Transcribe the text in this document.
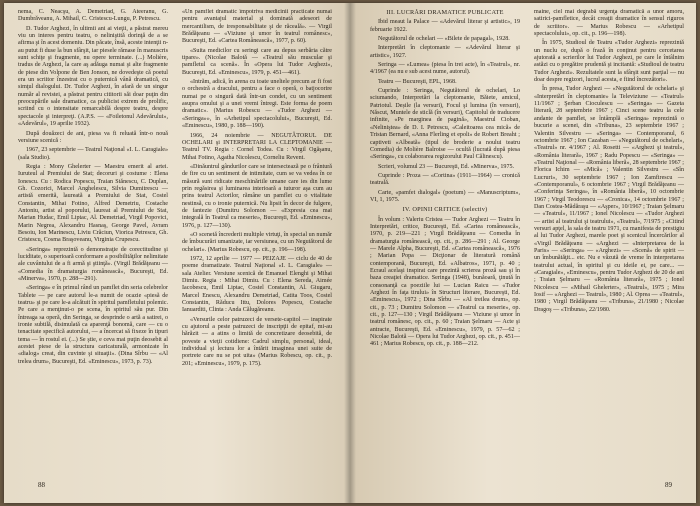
nema, C. Neacşu, A. Demetriad, G. Ateeranu, G. Dumbrăveanu, A. Mihail, C. Cristescu-Lungu, P. Petrescu.

D. Tudor Arghezi, în ultimii ani ai vieţii, a păstrat mereu viu un interes pentru teatru, o neliniştită dorinţă de a se afirma şi în acest domeniu. Din păcate, însă, aceste intenţii n-au putut fi duse la bun sfârşit, iar piesele rămase în manuscris sunt schiţe şi fragmente, nu opere terminate. (...) Molière, tradus de Arghezi, la care aş adăuga numai şi alte fragmente de piese din Volpone de Ben Jonson, ne dovedeşte că poetul era un scriitor înzestrat cu o puternică vână dramatică, cu simţul dialogului. Dr. Tudor Arghezi, în afară de un singur număr al revistei, a păstrat pentru cititorii săi doar puţin din preocupările sale dramatice, ca publicist extrem de prolific, scriind cu o intensitate remarcabilă despre teatru, despre spectacole şi interpreţi. (A.P.S. — «Foiletonul Adevărului», «Adevărul», 19 aprilie 1932).

După douăzeci de ani, piesa va fi reluată într-o nouă versiune scenică :

1967, 23 septembrie — Teatrul Naţional «I. L. Caragiale» (sala Studio).

Regia : Mony Ghelerter — Maestru emerit al artei. Iuruteul al Premiului de Stat; decoruri şi costume : Elena Ionescu. Cu : Rodica Popescu, Traian Stănescu, C. Duplan, Gh. Cozorici, Marcel Anghelescu, Silvia Dumitrescu — artistă emerită, laureată a Premiului de Stat, Costel Constantin, Mihai Fotino, Alfred Demetriu, Costache Antoniu, artist al poporului, laureat al Premiului de Stat, Marian Hudac, Emil Liptac, Al. Demetriad, Virgil Popovici, Marin Negrea, Alexandru Hasnaş, George Pavel, Avram Besoiu, Ion Marinescu, Liviu Crăciun, Viorica Petrescu, Gh. Cristescu, Cosma Braşoveanu, Virginia Crupescu.

«Seringa» reprezintă o demonstraţie de corectitudine şi luciditate, o superioară conformare a posibilităţilor nelimitate ale cuvântului de a fi armă şi ştiinţă». (Virgil Brădăţeanu — «Comedia în dramaturgia românească», Bucureşti, Ed. «Minerva», 1970, p. 288—291).

«Seringa» e în primul rând un pamflet din seria celebrelor Tablete — pe care autorul le-a numit de ocazie «piesă de teatru» şi pe care le-a alcătuit în spiritul pamfletului polemic. Pe care a menţinut-o pe scena, în spiritul său pur. Din întreaga sa operă, din Seringa, se desprinde o artă a satirei, o ironie subtilă, disimulată ca aparenţă bonomă, care — cu o tenacitate specifică autorului, — a încercat să fixeze în tipuri tema — în rostul ei. (...) Se ştie, e ceva mai puţin deosebit al acestei piese de la structura caricaturală, armonizate în «dialog» creat, din cuvinte şi situaţii». (Dina Sîrbu — «Al trelea drum», Bucureşti, Ed. «Eminescu», 1973, p. 73).

«Un pamflet dramatic împotriva medicinii practicate numai pentru avantajul material şi dominată adeseori de mercantilism, de iresponsabilitate şi de răceală». — Virgil Brădăţeanu — «Viziune şi umor în teatrul românesc», Bucureşti, Ed. «Cartea Românească», 1977, p. 60).

«Suita medicilor cu seringi care au depus serbăria către tipare». (Nicolae Balotă — «Teatrul său muscular şi pamfletul ca scenă». În «Opera lui Tudor Arghezi», Bucureşti, Ed. «Eminescu», 1979, p. 451—461).

«Intrăm, adică, în arena cu toate uneltele precum ar fi fost o orchestră a dracului, pentru a face o operă, o batjocorire numai pe o singură dată într-un condei, cu un sentiment asupra omului şi a unei vremi întregi. Este forma de poem dramatic». (Marius Robescu — «Tudor Arghezi — «Seringa»», în «Arhetipul spectacolului», Bucureşti, Ed. «Eminescu», 1980, p. 188—190).

1966, 24 noiembrie — NEGUTĂTORUL DE OCHELARI şi INTERPRETARI LA CLEPTOMANIE — Teatrul TV. Regia : Cornel Todea. Cu : Virgil Ogăşanu, Mihai Fotino, Agatha Nicolescu, Corneliu Revent.

«Dinăuntrul gândurilor care se intersectează pe o frântură de fire cu un sentiment de intimitate, cum se va vedea în ce măsură sunt ridicate meschinăriile umane care ies din lume prin regăsirea şi luminarea interioară a tuturor aşa cum au prins teatrul Actorilor, rămâne un pamflet cu o vitalitate nestinsă, cu o ironie puternică. Nu lipsit în decor de fulgere, de fantezie (Dumitru Solomon — «Expresia cea mai integrală în Teatrul ca meserie», Bucureşti, Ed. «Eminescu», 1976, p. 127—130).

«O scenetă încrederii multiple virtuţi, în special un număr de îmbucurări umanizate, iar versiunea, cu un Negutătorul de ochelari». (Marius Robescu, op. cit., p. 196—198).

1972, 12 aprilie — 1977 — PEIZAJE — ciclu de 40 de poeme dramatizate. Teatrul Naţional «I. L. Caragiale» — sala Atelier. Versiune scenică de Emanuel Elenghi şi Mihai Dimiu. Regia : Mihai Dimiu. Cu : Elena Sereda, Aimée Iacobescu, Emil Liptac, Costel Constantin, Al. Giugaru, Marcel Enescu, Alexandru Demetriad, Catita Toos, Costel Constantin, Răducu Ittu, Dolores Popescu, Costache Ianuarditi, Clinta : Anda Călugăreanu.

«Versurile celor patruzeci de versete-capitol — inspirate cu ajutorul a peste patruzeci de inscripţii de epitaf, mi-au hărăzit — a atins o limită de concretizare deosebită, de poveste a vieţii cotidiene: Cadrul simplu, personal, ideal, individual şi lectura lor a întărit imaginea unei suite de portrete care nu se pot uita» (Marius Robescu, op. cit., p. 201; «Eminescu», 1979, p. 175).

88

III. LUCRĂRI DRAMATICE PUBLICATE

Ibid meaut la Palace — «Adevărul literar şi artistic», 19 februarie 1922.

Negutătorul de ochelari — «Bilete de papagal», 1928.

Interpretări în cleptomanie — «Adevărul literar şi artistic», 1927.

Seringa — «Lumea» (piesa în trei acte), în «Teatrul», nr. 4/1967 (ea nu e sub acest nume, autorul).

Teatru — Bucureşti, EPL, 1968.

Cuprinde : Seringa, Negutătorul de ochelari, Lo sciumando, Interpretări la cleptomanie, Băiete, amicul, Patriotul. Deșile (la versuri), Focul şi lumina (în versuri), Născut, Muntele de sticlă (în versuri), Capitolul de traducere infinite, «Pe marginea de pagină», Maestrul Cioban, «Neliniştea» de D. I. Petrescu, «Caleitoarea cea mică» de Tristan Bernard, «Anna Flerling et epoli» de Robert Breaht ; captiveti «Albeată» (tipul de broderie a noului teatru Comedia) de Molière Balroise — ocultă (lucrată după piesa «Seringa», cu colaborarea regizorului Paul Călinescu).

Scrieri, volumul 23 — Bucureşti, Ed. «Minerva», 1975.

Cuprinde : Proza — «Cortina» (1911—1964) — cronică teatrală.

Carte, «pamfet dialogal» (poetum) — «Manuscriptum», VI, 1, 1975.

IV. OPINII CRITICE (selectiv)

În volum : Valeriu Cristea — Tudor Arghezi — Teatru în Interpretări, critice, Bucureşti, Ed. «Cartea românească», 1970, p. 219—221 ; Virgil Brădăţeanu — Comedia în dramaturgia românească, op. cit., p. 286—291 ; Al. George — Marele Alpha, Bucureşti, Ed. «Cartea românească», 1976 ; Marian Popa — Dicţionar de literatură română contemporană, Bucureşti, Ed. «Albatros», 1971, p. 40 ; Ecraul acelaşi inspirat care prezintă scrierea proză sau şi în baza creaţiei dramatice. Seringa (1948), bunăoară, ţinută în consonanţă ca poeziile lui — Lucian Raicu — «Tudor Arghezi în faţa tirului» în Structuri literare, Bucureşti, Ed. «Eminescu», 1972 ; Dina Sîrbu — «Al treilea drum», op. cit., p. 73 ; Dumitru Solomon — «Teatrul ca meserie», op. cit., p. 127—130 ; Virgil Brădăţeanu — Viziune şi umor în teatrul românesc, op. cit., p. 60 ; Traian Şelmaru — Acte şi antracte, Bucureşti, Ed. «Eminescu», 1979, p. 57—62 ; Nicolae Balotă — Opera lui Tudor Arghezi, op. cit., p. 451—461 ; Marius Robescu, op. cit., p. 188—212.

maine, ciel mai degrabă urgenţa dramatică a unor amoru, satirici-pamfletice, decât creaţii dramatice în sensul riguros de scriitor». — Marius Robescu — «Arhetipul spectacolului», op. cit., p. 196—198).

În 1975, Studioul de Teatru «Tudor Arghezi» reprezintă un nuclu ce, după o frază în conţinut pentru cercetarea ajutorată a scrierilor lui Tudor Arghezi, pe care le întâlnim astăzi cu o pregătire prudentă şi incitantă: «Studioul de teatru Tudor Arghezi». Rezultatele sunt la sfârşit sunt parţial — nu doar despre regizori, lucrul acesta, e fiind încrezători».

În presa, Tudor Arghezi — «Negutătorul de ochelari» şi «Interpretări în cleptomanie» la Televiziune — «Teatrul» 11/1967 ; Şerban Cioculescu — «Seringa» — Gazeta literară, 28 septembrie 1967 ; Cinci scene teatru la cele andante de pamflet, se întâmplă «Seringa» reprezintă o bucurie a scenei, din «Tribuna», 23 septembrie 1967 ; Valentin Silvestru — «Seringa» — Contemporanul, 6 octombrie 1967 ; Ion Cazaban — «Negutătorul de ochelari», «Teatrul» nr. 4/1967 ; Al. Rosetti — «Arghezi şi teatrul», «România literară», 1967 ; Radu Popescu — «Seringa» — «Teatrul Naţional — «România liberă», 28 septembrie 1967 ; Florica Ichim — «Mică» ; Valentin Silvestru — «Sîn Lucruri», 30 septembrie 1967 ; Ion Zamfirescu — «Contemporanul», 6 octombrie 1967 ; Virgil Brădăţeanu — «Conferinţa Seringa», în «România liberă», 10 octombrie 1967 ; Virgil Teodorescu — «Cronica», 14 octombrie 1967 ; Dan Costea-Mădăraşu — «Aşper», 10/1967 ; Traian Şelmaru — «Teatrul», 11/1967 ; Ionel Nicolescu — «Tudor Arghezi — artist al teatrului şi teatrului», «Teatrul», 7/1975 ; «Citind versuri apţel, la sala de teatru 1971, cu manifesta de prestigiu al lui Tudor Arghezi, marele poet şi scenicul încercărilor al «Virgil Brădăţeanu — «Arghezi — «Interpretarea de la Paris» — «Seringa» — «Arghezi» — «Scenă» de spirit — un îmbunătăţit... etc. Nu e văzută de vreme în interpretarea teatrului actual, în spiritul şi cu ideile ei, pe care... — «Caragiale», «Eminescu», pentru Tudor Arghezi de 20 de ani ; Traian Şelmaru — «România literară», 1975 ; Ionel Nicolescu — «Mihail Ghelerter», «Teatrul», 1975 ; Mira Iosif — «Arghezi — Teatrul», 1980 ; Al. Oprea — «Teatrul», 1980 ; Virgil Brădăţeanu — «Tribuna», 21/1980 ; Nicolae Dragoş — «Tribuna», 22/1980.

89
